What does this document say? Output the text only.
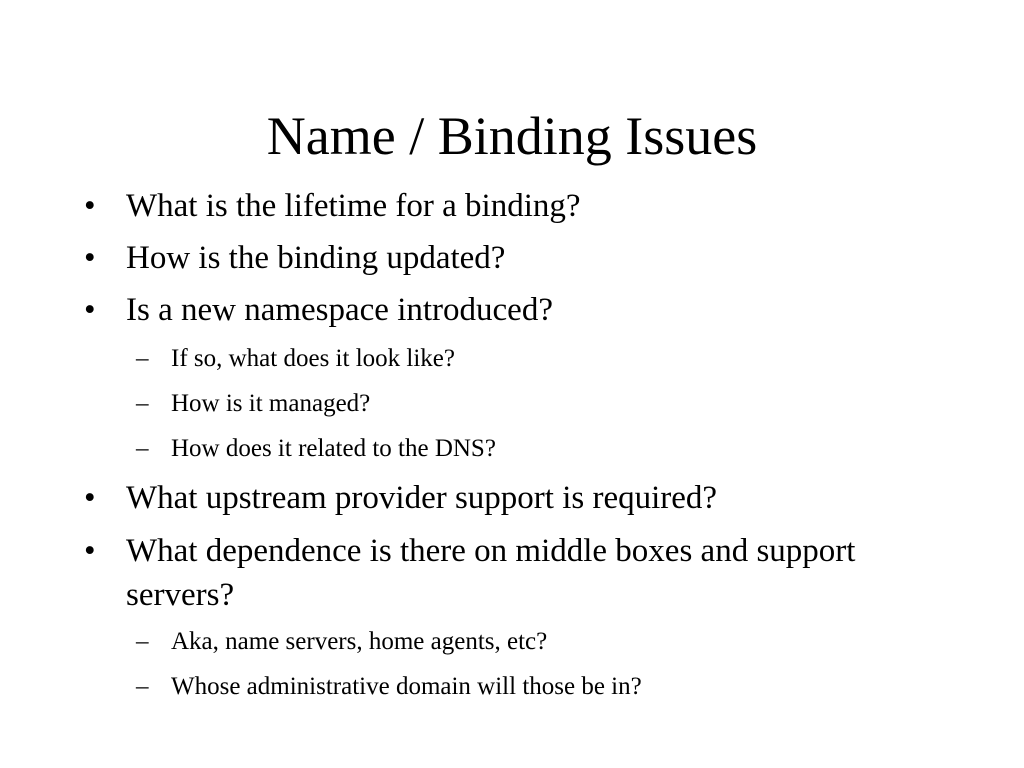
Name / Binding Issues
• What is the lifetime for a binding?
• How is the binding updated?
• Is a new namespace introduced?
– If so, what does it look like?
– How is it managed?
– How does it related to the DNS?
• What upstream provider support is required?
• What dependence is there on middle boxes and support servers?
– Aka, name servers, home agents, etc?
– Whose administrative domain will those be in?
